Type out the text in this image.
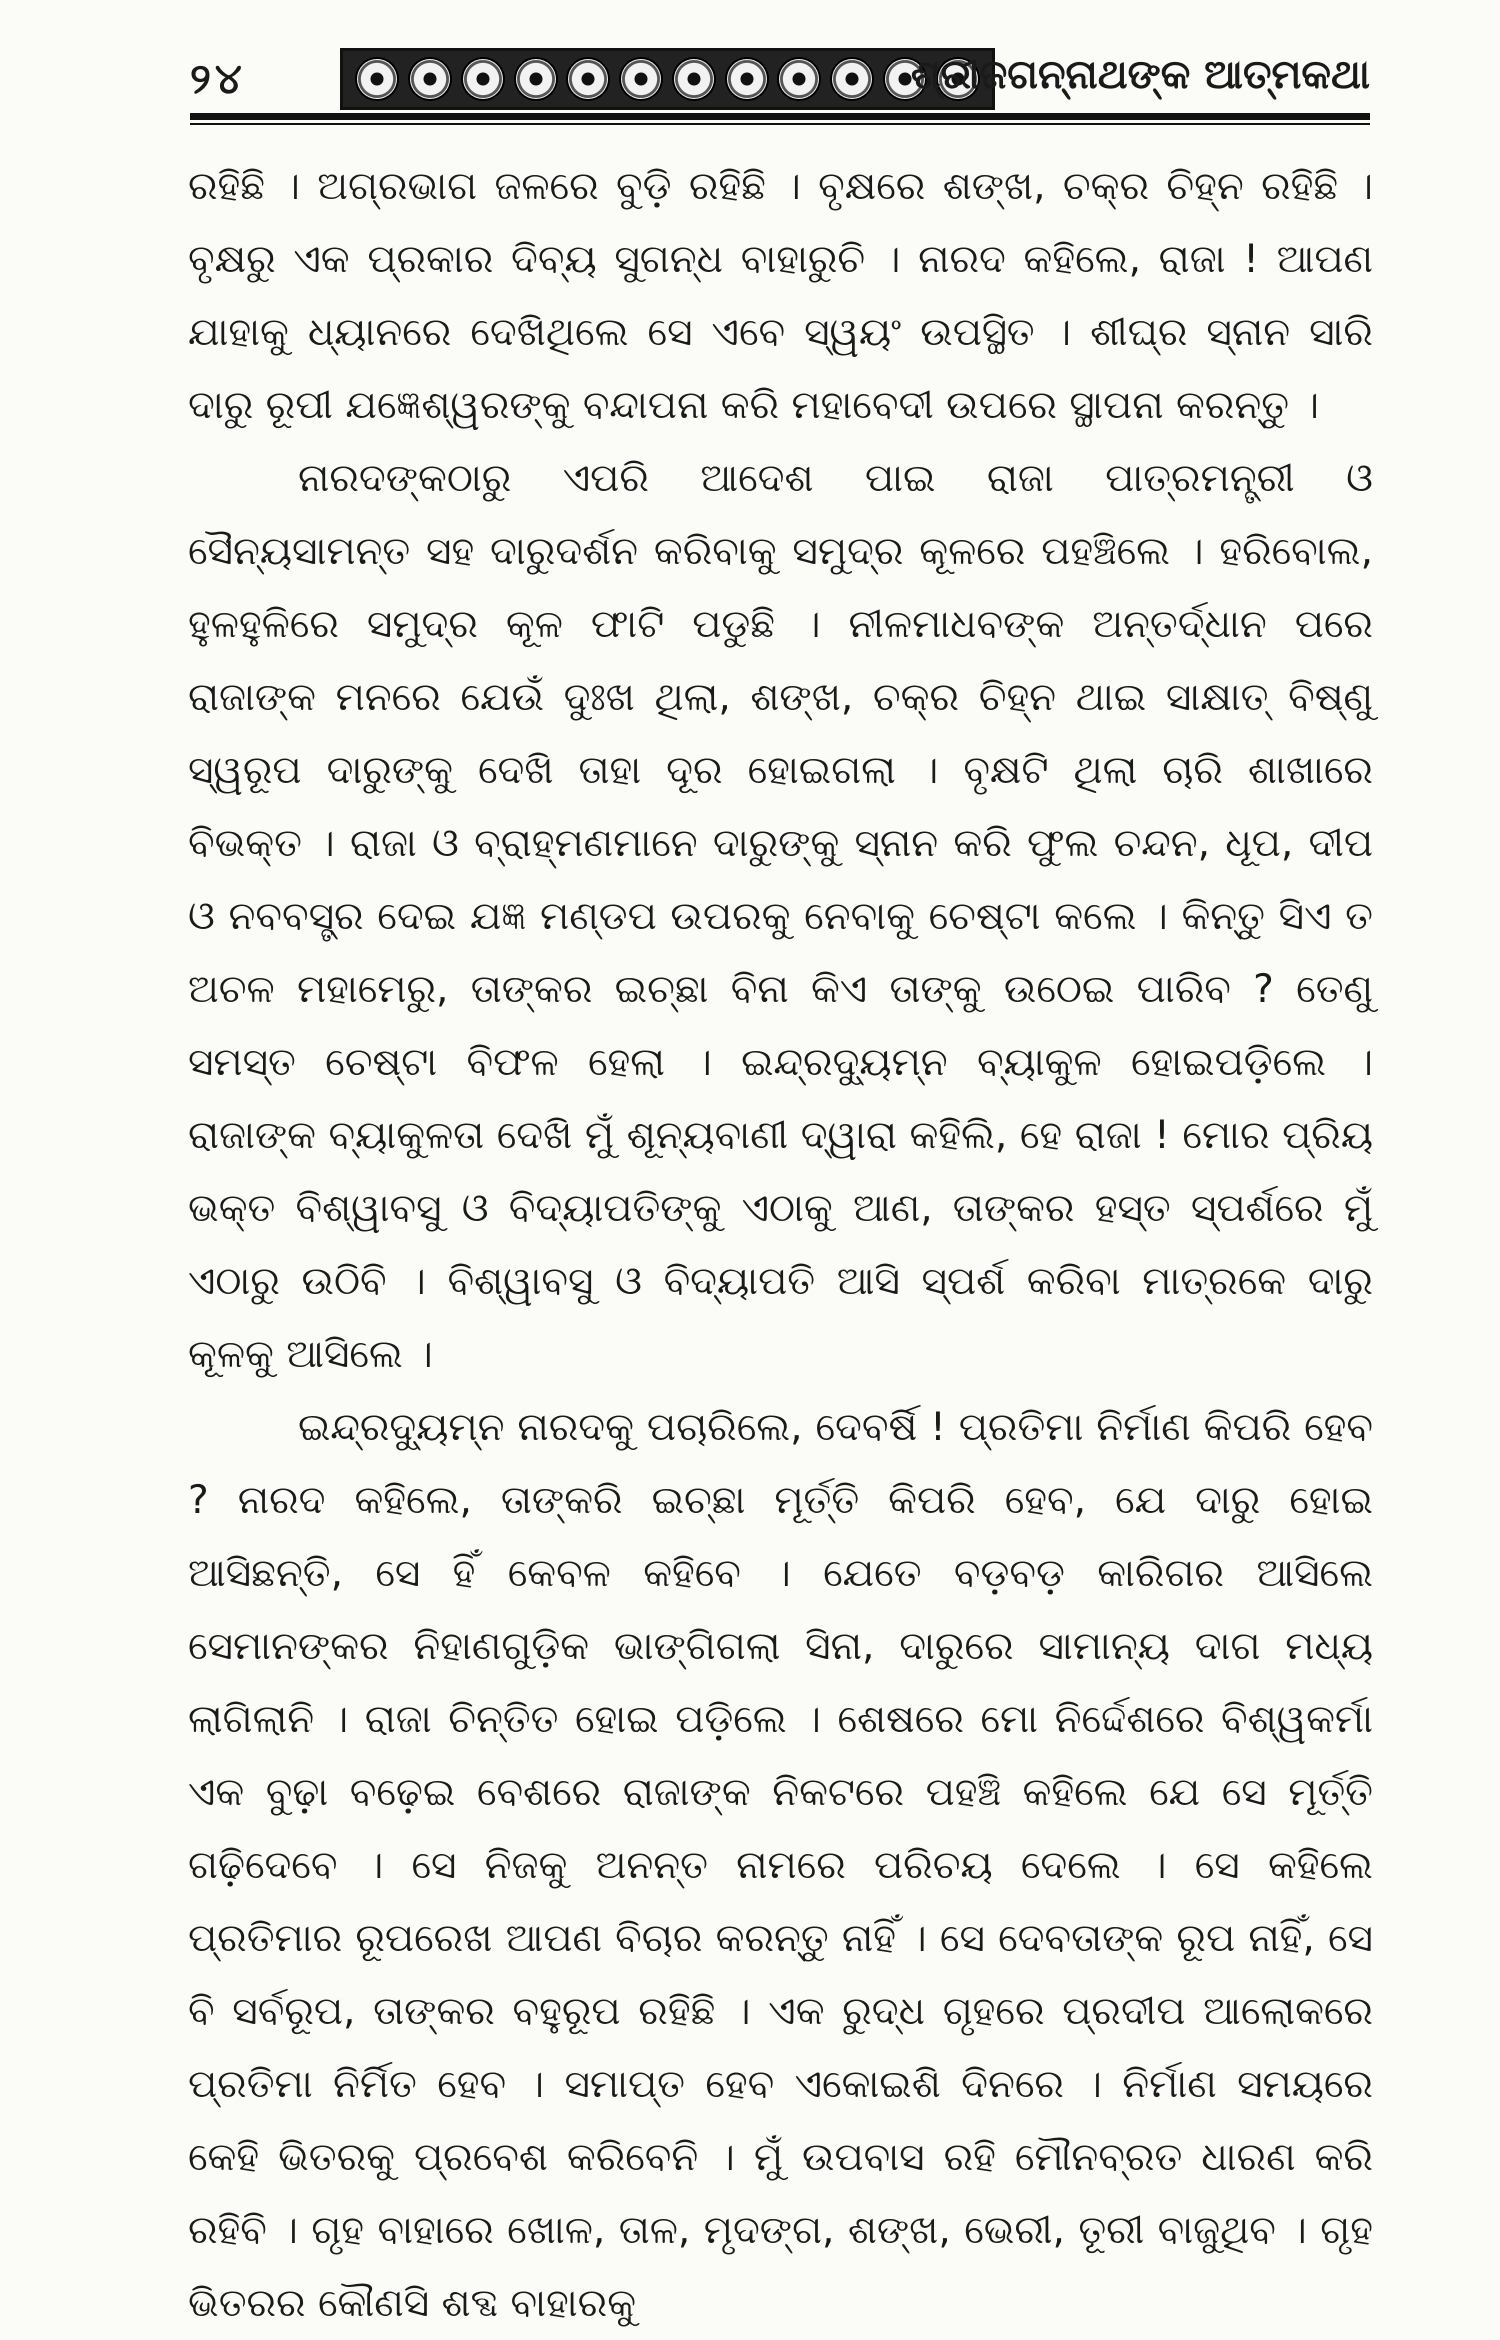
୨୪	ଶ୍ରୀଜଗନ୍ନାଥଙ୍କ ଆତ୍ମକଥା

ରହିଛି । ଅଗ୍ରଭାଗ ଜଳରେ ବୁଡ଼ି ରହିଛି । ବୃକ୍ଷରେ ଶଙ୍ଖ, ଚକ୍ର ଚିହ୍ନ ରହିଛି । ବୃକ୍ଷରୁ ଏକ ପ୍ରକାର ଦିବ୍ୟ ସୁଗନ୍ଧ ବାହାରୁଚି । ନାରଦ କହିଲେ, ରାଜା ! ଆପଣ ଯାହାକୁ ଧ୍ୟାନରେ ଦେଖିଥିଲେ ସେ ଏବେ ସ୍ୱୟଂ ଉପସ୍ଥିତ । ଶୀଘ୍ର ସ୍ନାନ ସାରି ଦାରୁ ରୂପୀ ଯଜ୍ଞେଶ୍ୱରଙ୍କୁ ବନ୍ଦାପନା କରି ମହାବେଦୀ ଉପରେ ସ୍ଥାପନା କରନ୍ତୁ ।

ନାରଦଙ୍କଠାରୁ ଏପରି ଆଦେଶ ପାଇ ରାଜା ପାତ୍ରମନ୍ତ୍ରୀ ଓ ସୈନ୍ୟସାମନ୍ତ ସହ ଦାରୁଦର୍ଶନ କରିବାକୁ ସମୁଦ୍ର କୂଳରେ ପହଞ୍ଚିଲେ । ହରିବୋଲ, ହୁଳହୁଳିରେ ସମୁଦ୍ର କୂଳ ଫାଟି ପଡୁଛି । ନୀଳମାଧବଙ୍କ ଅନ୍ତର୍ଦ୍ଧାନ ପରେ ରାଜାଙ୍କ ମନରେ ଯେଉଁ ଦୁଃଖ ଥିଲା, ଶଙ୍ଖ, ଚକ୍ର ଚିହ୍ନ ଥାଇ ସାକ୍ଷାତ୍ ବିଷ୍ଣୁ ସ୍ୱରୂପ ଦାରୁଙ୍କୁ ଦେଖି ତାହା ଦୂର ହୋଇଗଲା । ବୃକ୍ଷଟି ଥିଲା ଚାରି ଶାଖାରେ ବିଭକ୍ତ । ରାଜା ଓ ବ୍ରାହ୍ମଣମାନେ ଦାରୁଙ୍କୁ ସ୍ନାନ କରି ଫୁଲ ଚନ୍ଦନ, ଧୂପ, ଦୀପ ଓ ନବବସ୍ତ୍ର ଦେଇ ଯଜ୍ଞ ମଣ୍ଡପ ଉପରକୁ ନେବାକୁ ଚେଷ୍ଟା କଲେ । କିନ୍ତୁ ସିଏ ତ ଅଚଳ ମହାମେରୁ, ତାଙ୍କର ଇଚ୍ଛା ବିନା କିଏ ତାଙ୍କୁ ଉଠେଇ ପାରିବ ? ତେଣୁ ସମସ୍ତ ଚେଷ୍ଟା ବିଫଳ ହେଲା । ଇନ୍ଦ୍ରଦ୍ୟୁମ୍ନ ବ୍ୟାକୁଳ ହୋଇପଡ଼ିଲେ । ରାଜାଙ୍କ ବ୍ୟାକୁଳତା ଦେଖି ମୁଁ ଶୂନ୍ୟବାଣୀ ଦ୍ୱାରା କହିଲି, ହେ ରାଜା ! ମୋର ପ୍ରିୟ ଭକ୍ତ ବିଶ୍ୱାବସୁ ଓ ବିଦ୍ୟାପତିଙ୍କୁ ଏଠାକୁ ଆଣ, ତାଙ୍କର ହସ୍ତ ସ୍ପର୍ଶରେ ମୁଁ ଏଠାରୁ ଉଠିବି । ବିଶ୍ୱାବସୁ ଓ ବିଦ୍ୟାପତି ଆସି ସ୍ପର୍ଶ କରିବା ମାତ୍ରକେ ଦାରୁ କୂଳକୁ ଆସିଲେ ।

ଇନ୍ଦ୍ରଦ୍ୟୁମ୍ନ ନାରଦକୁ ପଚାରିଲେ, ଦେବର୍ଷି ! ପ୍ରତିମା ନିର୍ମାଣ କିପରି ହେବ ? ନାରଦ କହିଲେ, ତାଙ୍କରି ଇଚ୍ଛା ମୂର୍ତ୍ତି କିପରି ହେବ, ଯେ ଦାରୁ ହୋଇ ଆସିଛନ୍ତି, ସେ ହିଁ କେବଳ କହିବେ । ଯେତେ ବଡ଼ବଡ଼ କାରିଗର ଆସିଲେ ସେମାନଙ୍କର ନିହାଣଗୁଡ଼ିକ ଭାଙ୍ଗିଗଲା ସିନା, ଦାରୁରେ ସାମାନ୍ୟ ଦାଗ ମଧ୍ୟ ଲାଗିଲାନି । ରାଜା ଚିନ୍ତିତ ହୋଇ ପଡ଼ିଲେ । ଶେଷରେ ମୋ ନିର୍ଦ୍ଦେଶରେ ବିଶ୍ୱକର୍ମା ଏକ ବୁଢ଼ା ବଢ଼େଇ ବେଶରେ ରାଜାଙ୍କ ନିକଟରେ ପହଞ୍ଚି କହିଲେ ଯେ ସେ ମୂର୍ତ୍ତି ଗଢ଼ିଦେବେ । ସେ ନିଜକୁ ଅନନ୍ତ ନାମରେ ପରିଚୟ ଦେଲେ । ସେ କହିଲେ ପ୍ରତିମାର ରୂପରେଖ ଆପଣ ବିଚାର କରନ୍ତୁ ନାହିଁ । ସେ ଦେବତାଙ୍କ ରୂପ ନାହିଁ, ସେ ବି ସର୍ବରୂପ, ତାଙ୍କର ବହୁରୂପ ରହିଛି । ଏକ ରୁଦ୍ଧ ଗୃହରେ ପ୍ରଦୀପ ଆଲୋକରେ ପ୍ରତିମା ନିର୍ମିତ ହେବ । ସମାପ୍ତ ହେବ ଏକୋଇଶି ଦିନରେ । ନିର୍ମାଣ ସମୟରେ କେହି ଭିତରକୁ ପ୍ରବେଶ କରିବେନି । ମୁଁ ଉପବାସ ରହି ମୌନବ୍ରତ ଧାରଣ କରି ରହିବି । ଗୃହ ବାହାରେ ଖୋଳ, ତାଳ, ମୃଦଙ୍ଗ, ଶଙ୍ଖ, ଭେରୀ, ତୂରୀ ବାଜୁଥିବ । ଗୃହ ଭିତରର କୌଣସି ଶବ୍ଦ ବାହାରକୁ
